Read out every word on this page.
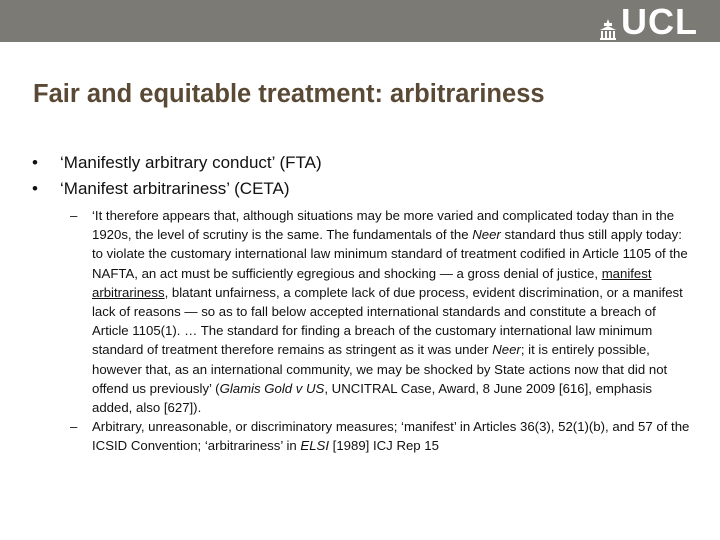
UCL
Fair and equitable treatment: arbitrariness
• ‘Manifestly arbitrary conduct’ (FTA)
• ‘Manifest arbitrariness’ (CETA)
– ‘It therefore appears that, although situations may be more varied and complicated today than in the 1920s, the level of scrutiny is the same. The fundamentals of the Neer standard thus still apply today: to violate the customary international law minimum standard of treatment codified in Article 1105 of the NAFTA, an act must be sufficiently egregious and shocking — a gross denial of justice, manifest arbitrariness, blatant unfairness, a complete lack of due process, evident discrimination, or a manifest lack of reasons — so as to fall below accepted international standards and constitute a breach of Article 1105(1). … The standard for finding a breach of the customary international law minimum standard of treatment therefore remains as stringent as it was under Neer; it is entirely possible, however that, as an international community, we may be shocked by State actions now that did not offend us previously’ (Glamis Gold v US, UNCITRAL Case, Award, 8 June 2009 [616], emphasis added, also [627]).
– Arbitrary, unreasonable, or discriminatory measures; ‘manifest’ in Articles 36(3), 52(1)(b), and 57 of the ICSID Convention; ‘arbitrariness’ in ELSI [1989] ICJ Rep 15
